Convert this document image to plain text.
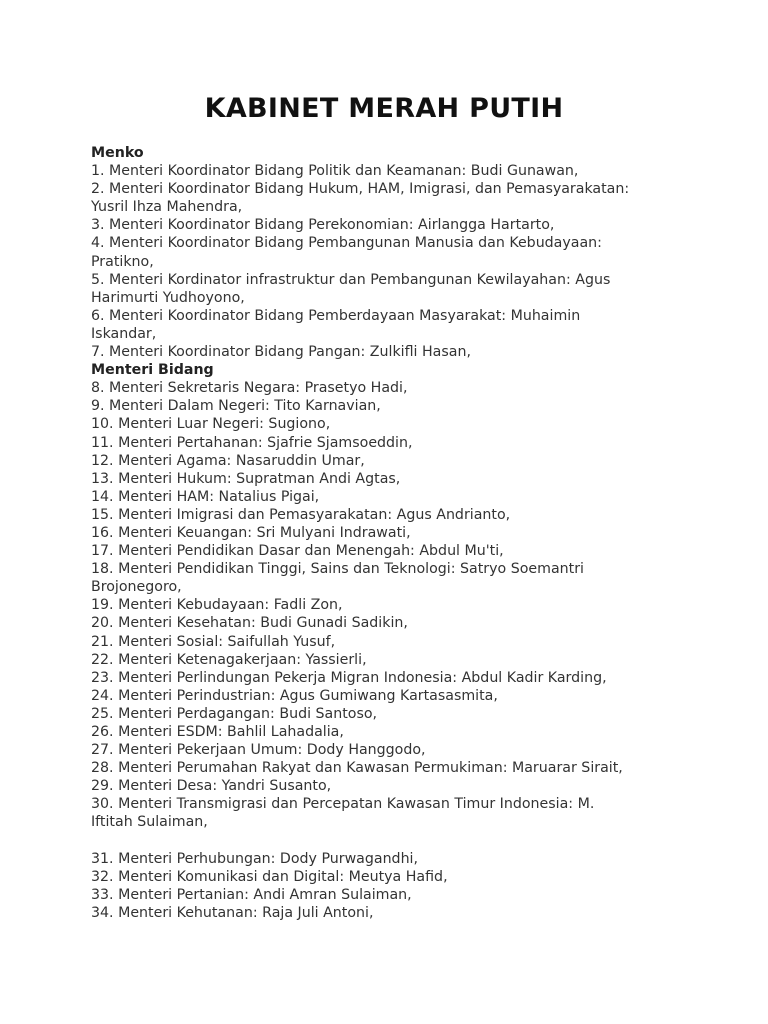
KABINET MERAH PUTIH
Menko
1. Menteri Koordinator Bidang Politik dan Keamanan: Budi Gunawan,
2. Menteri Koordinator Bidang Hukum, HAM, Imigrasi, dan Pemasyarakatan:
Yusril Ihza Mahendra,
3. Menteri Koordinator Bidang Perekonomian: Airlangga Hartarto,
4. Menteri Koordinator Bidang Pembangunan Manusia dan Kebudayaan:
Pratikno,
5. Menteri Kordinator infrastruktur dan Pembangunan Kewilayahan: Agus
Harimurti Yudhoyono,
6. Menteri Koordinator Bidang Pemberdayaan Masyarakat: Muhaimin
Iskandar,
7. Menteri Koordinator Bidang Pangan: Zulkifli Hasan,
Menteri Bidang
8. Menteri Sekretaris Negara: Prasetyo Hadi,
9. Menteri Dalam Negeri: Tito Karnavian,
10. Menteri Luar Negeri: Sugiono,
11. Menteri Pertahanan: Sjafrie Sjamsoeddin,
12. Menteri Agama: Nasaruddin Umar,
13. Menteri Hukum: Supratman Andi Agtas,
14. Menteri HAM: Natalius Pigai,
15. Menteri Imigrasi dan Pemasyarakatan: Agus Andrianto,
16. Menteri Keuangan: Sri Mulyani Indrawati,
17. Menteri Pendidikan Dasar dan Menengah: Abdul Mu'ti,
18. Menteri Pendidikan Tinggi, Sains dan Teknologi: Satryo Soemantri
Brojonegoro,
19. Menteri Kebudayaan: Fadli Zon,
20. Menteri Kesehatan: Budi Gunadi Sadikin,
21. Menteri Sosial: Saifullah Yusuf,
22. Menteri Ketenagakerjaan: Yassierli,
23. Menteri Perlindungan Pekerja Migran Indonesia: Abdul Kadir Karding,
24. Menteri Perindustrian: Agus Gumiwang Kartasasmita,
25. Menteri Perdagangan: Budi Santoso,
26. Menteri ESDM: Bahlil Lahadalia,
27. Menteri Pekerjaan Umum: Dody Hanggodo,
28. Menteri Perumahan Rakyat dan Kawasan Permukiman: Maruarar Sirait,
29. Menteri Desa: Yandri Susanto,
30. Menteri Transmigrasi dan Percepatan Kawasan Timur Indonesia: M.
Iftitah Sulaiman,
31. Menteri Perhubungan: Dody Purwagandhi,
32. Menteri Komunikasi dan Digital: Meutya Hafid,
33. Menteri Pertanian: Andi Amran Sulaiman,
34. Menteri Kehutanan: Raja Juli Antoni,
